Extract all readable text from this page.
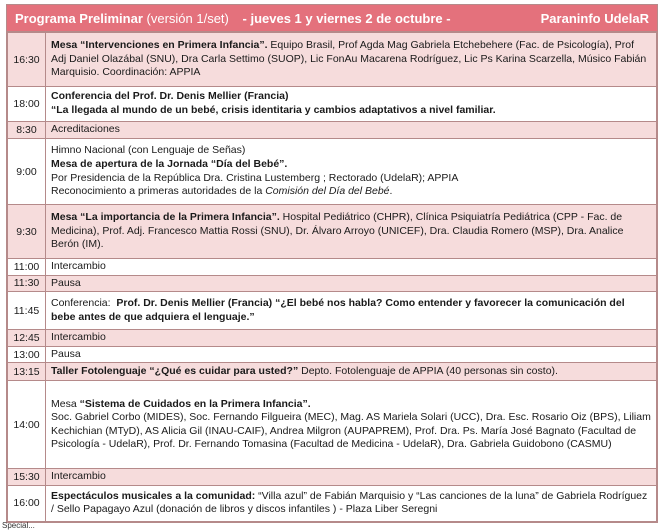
Programa Preliminar (versión 1/set) - jueves 1 y viernes 2 de octubre -	Paraninfo UdelaR
16:30	Mesa “Intervenciones en Primera Infancia”. Equipo Brasil, Prof Agda Mag Gabriela Etchebehere (Fac. de Psicología), Prof Adj Daniel Olazábal (SNU), Dra Carla Settimo (SUOP), Lic FonAu Macarena Rodríguez, Lic Ps Karina Scarzella, Músico Fabián Marquisio. Coordinación: APPIA
18:00	Conferencia del Prof. Dr. Denis Mellier (Francia)
“La llegada al mundo de un bebé, crisis identitaria y cambios adaptativos a nivel familiar.

8:30	Acreditaciones
9:00	Himno Nacional (con Lenguaje de Señas)
Mesa de apertura de la Jornada “Día del Bebé”.
Por Presidencia de la República Dra. Cristina Lustemberg ; Rectorado (UdelaR); APPIA
Reconocimiento a primeras autoridades de la Comisión del Día del Bebé.

9:30	Mesa “La importancia de la Primera Infancia”. Hospital Pediátrico (CHPR), Clínica Psiquiatría Pediátrica (CPP - Fac. de Medicina), Prof. Adj. Francesco Mattia Rossi (SNU), Dr. Álvaro Arroyo (UNICEF), Dra. Claudia Romero (MSP), Dra. Analice Berón (IM).
11:00	Intercambio
11:30	Pausa
11:45	Conferencia: Prof. Dr. Denis Mellier (Francia) “¿El bebé nos habla? Como entender y favorecer la comunicación del bebe antes de que adquiera el lenguaje.”
12:45	Intercambio
13:00	Pausa
13:15	Taller Fotolenguaje “¿Qué es cuidar para usted?” Depto. Fotolenguaje de APPIA (40 personas sin costo).
14:00	Mesa “Sistema de Cuidados en la Primera Infancia”.
Soc. Gabriel Corbo (MIDES), Soc. Fernando Filgueira (MEC), Mag. AS Mariela Solari (UCC), Dra. Esc. Rosario Oiz (BPS), Liliam Kechichian (MTyD), AS Alicia Gil (INAU-CAIF), Andrea Milgron (AUPAPREM), Prof. Dra. Ps. María José Bagnato (Facultad de Psicología - UdelaR), Prof. Dr. Fernando Tomasina (Facultad de Medicina - UdelaR), Dra. Gabriela Guidobono (CASMU)

15:30	Intercambio
16:00	Espectáculos musicales a la comunidad: “Villa azul” de Fabián Marquisio y “Las canciones de la luna” de Gabriela Rodríguez / Sello Papagayo Azul (donación de libros y discos infantiles ) - Plaza Liber Seregni
Special...
